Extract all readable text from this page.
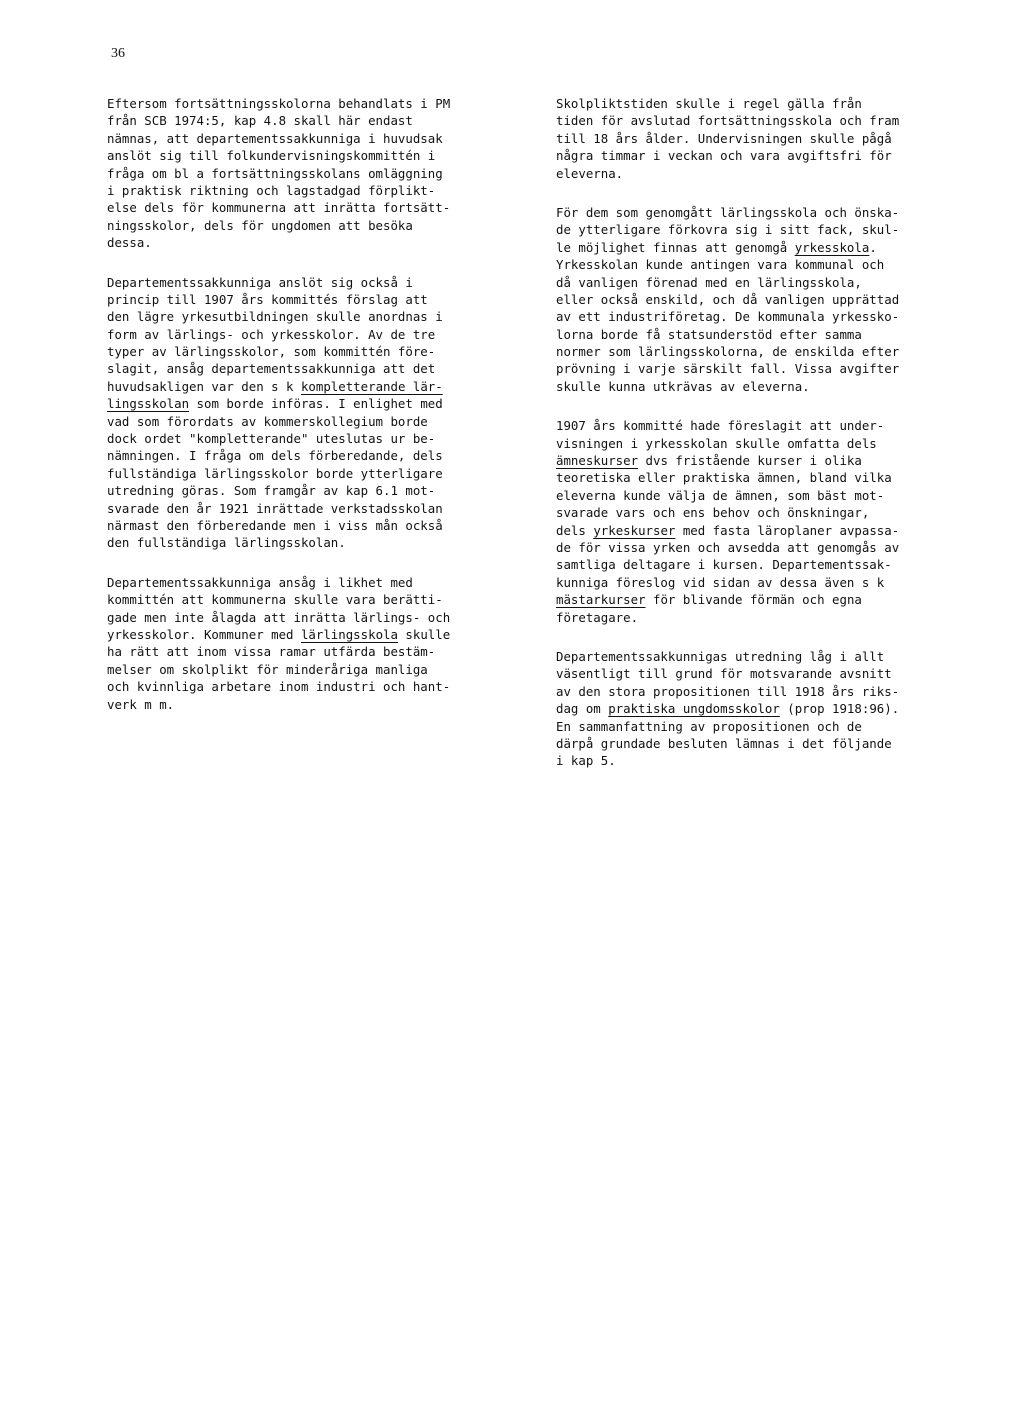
36
Eftersom fortsättningsskolorna behandlats i PM
från SCB 1974:5, kap 4.8 skall här endast
nämnas, att departementssakkunniga i huvudsak
anslöt sig till folkundervisningskommittén i
fråga om bl a fortsättningsskolans omläggning
i praktisk riktning och lagstadgad förplikt-
else dels för kommunerna att inrätta fortsätt-
ningsskolor, dels för ungdomen att besöka
dessa.
Departementssakkunniga anslöt sig också i
princip till 1907 års kommittés förslag att
den lägre yrkesutbildningen skulle anordnas i
form av lärlings- och yrkesskolor. Av de tre
typer av lärlingsskolor, som kommittén före-
slagit, ansåg departementssakkunniga att det
huvudsakligen var den s k kompletterande lär-
lingsskolan som borde införas. I enlighet med
vad som förordats av kommerskollegium borde
dock ordet "kompletterande" uteslutas ur be-
nämningen. I fråga om dels förberedande, dels
fullständiga lärlingsskolor borde ytterligare
utredning göras. Som framgår av kap 6.1 mot-
svarade den år 1921 inrättade verkstadsskolan
närmast den förberedande men i viss mån också
den fullständiga lärlingsskolan.
Departementssakkunniga ansåg i likhet med
kommittén att kommunerna skulle vara berätti-
gade men inte ålagda att inrätta lärlings- och
yrkesskolor. Kommuner med lärlingsskola skulle
ha rätt att inom vissa ramar utfärda bestäm-
melser om skolplikt för minderåriga manliga
och kvinnliga arbetare inom industri och hant-
verk m m.
Skolpliktstiden skulle i regel gälla från
tiden för avslutad fortsättningsskola och fram
till 18 års ålder. Undervisningen skulle pågå
några timmar i veckan och vara avgiftsfri för
eleverna.
För dem som genomgått lärlingsskola och önska-
de ytterligare förkovra sig i sitt fack, skul-
le möjlighet finnas att genomgå yrkesskola.
Yrkesskolan kunde antingen vara kommunal och
då vanligen förenad med en lärlingsskola,
eller också enskild, och då vanligen upprättad
av ett industriföretag. De kommunala yrkessko-
lorna borde få statsunderstöd efter samma
normer som lärlingsskolorna, de enskilda efter
prövning i varje särskilt fall. Vissa avgifter
skulle kunna utkrävas av eleverna.
1907 års kommitté hade föreslagit att under-
visningen i yrkesskolan skulle omfatta dels
ämneskurser dvs fristående kurser i olika
teoretiska eller praktiska ämnen, bland vilka
eleverna kunde välja de ämnen, som bäst mot-
svarade vars och ens behov och önskningar,
dels yrkeskurser med fasta läroplaner avpassa-
de för vissa yrken och avsedda att genomgås av
samtliga deltagare i kursen. Departementssak-
kunniga föreslog vid sidan av dessa även s k
mästarkurser för blivande förmän och egna
företagare.
Departementssakkunnigas utredning låg i allt
väsentligt till grund för motsvarande avsnitt
av den stora propositionen till 1918 års riks-
dag om praktiska ungdomsskolor (prop 1918:96).
En sammanfattning av propositionen och de
därpå grundade besluten lämnas i det följande
i kap 5.
